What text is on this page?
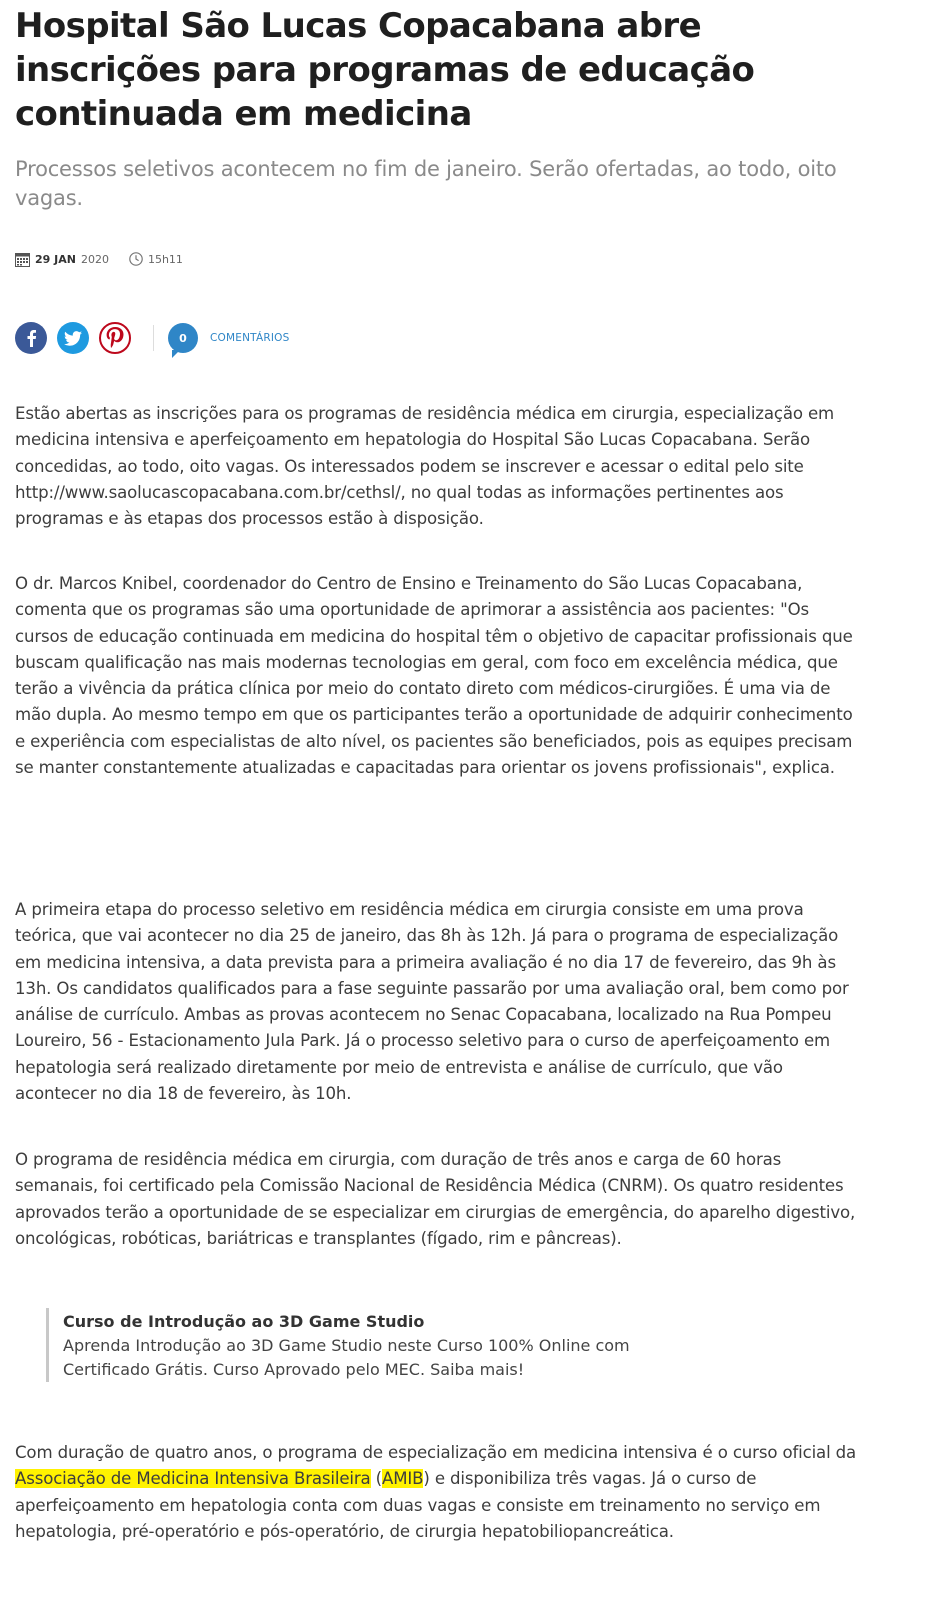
Hospital São Lucas Copacabana abre inscrições para programas de educação continuada em medicina

Processos seletivos acontecem no fim de janeiro. Serão ofertadas, ao todo, oito vagas.

29 JAN 2020	15h11
0 COMENTÁRIOS

Estão abertas as inscrições para os programas de residência médica em cirurgia, especialização em medicina intensiva e aperfeiçoamento em hepatologia do Hospital São Lucas Copacabana. Serão concedidas, ao todo, oito vagas. Os interessados podem se inscrever e acessar o edital pelo site http://www.saolucascopacabana.com.br/cethsl/, no qual todas as informações pertinentes aos programas e às etapas dos processos estão à disposição.

O dr. Marcos Knibel, coordenador do Centro de Ensino e Treinamento do São Lucas Copacabana, comenta que os programas são uma oportunidade de aprimorar a assistência aos pacientes: "Os cursos de educação continuada em medicina do hospital têm o objetivo de capacitar profissionais que buscam qualificação nas mais modernas tecnologias em geral, com foco em excelência médica, que terão a vivência da prática clínica por meio do contato direto com médicos-cirurgiões. É uma via de mão dupla. Ao mesmo tempo em que os participantes terão a oportunidade de adquirir conhecimento e experiência com especialistas de alto nível, os pacientes são beneficiados, pois as equipes precisam se manter constantemente atualizadas e capacitadas para orientar os jovens profissionais", explica.

A primeira etapa do processo seletivo em residência médica em cirurgia consiste em uma prova teórica, que vai acontecer no dia 25 de janeiro, das 8h às 12h. Já para o programa de especialização em medicina intensiva, a data prevista para a primeira avaliação é no dia 17 de fevereiro, das 9h às 13h. Os candidatos qualificados para a fase seguinte passarão por uma avaliação oral, bem como por análise de currículo. Ambas as provas acontecem no Senac Copacabana, localizado na Rua Pompeu Loureiro, 56 - Estacionamento Jula Park. Já o processo seletivo para o curso de aperfeiçoamento em hepatologia será realizado diretamente por meio de entrevista e análise de currículo, que vão acontecer no dia 18 de fevereiro, às 10h.

O programa de residência médica em cirurgia, com duração de três anos e carga de 60 horas semanais, foi certificado pela Comissão Nacional de Residência Médica (CNRM). Os quatro residentes aprovados terão a oportunidade de se especializar em cirurgias de emergência, do aparelho digestivo, oncológicas, robóticas, bariátricas e transplantes (fígado, rim e pâncreas).

Curso de Introdução ao 3D Game Studio

Aprenda Introdução ao 3D Game Studio neste Curso 100% Online com Certificado Grátis. Curso Aprovado pelo MEC. Saiba mais!

Com duração de quatro anos, o programa de especialização em medicina intensiva é o curso oficial da Associação de Medicina Intensiva Brasileira (AMIB) e disponibiliza três vagas. Já o curso de aperfeiçoamento em hepatologia conta com duas vagas e consiste em treinamento no serviço em hepatologia, pré-operatório e pós-operatório, de cirurgia hepatobiliopancreática.
